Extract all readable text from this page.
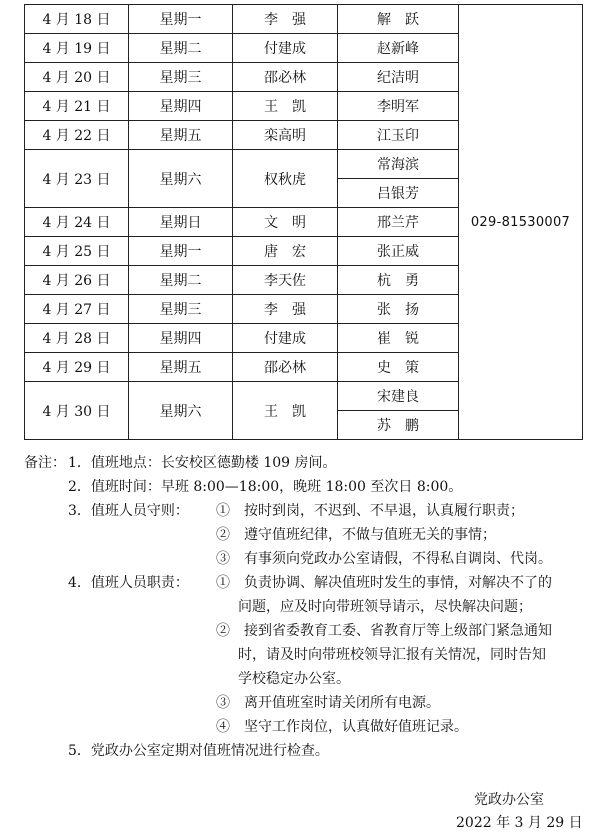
4 月 18 日	星期一	李　强	解　跃	029-81530007
4 月 19 日	星期二	付建成	赵新峰	
4 月 20 日	星期三	邵必林	纪洁明	
4 月 21 日	星期四	王　凯	李明军	
4 月 22 日	星期五	栾高明	江玉印	
4 月 23 日	星期六	权秋虎	常海滨	
			吕银芳	
4 月 24 日	星期日	文　明	邢兰芹	
4 月 25 日	星期一	唐　宏	张正威	
4 月 26 日	星期二	李天佐	杭　勇	
4 月 27 日	星期三	李　强	张　扬	
4 月 28 日	星期四	付建成	崔　锐	
4 月 29 日	星期五	邵必林	史　策	
4 月 30 日	星期六	王　凯	宋建良	
			苏　鹏	
备注： 1．值班地点：长安校区德勤楼 109 房间。
2．值班时间：早班 8:00—18:00，晚班 18:00 至次日 8:00。
3．值班人员守则： ①　按时到岗，不迟到、不早退，认真履行职责；
②　遵守值班纪律，不做与值班无关的事情；
③　有事须向党政办公室请假，不得私自调岗、代岗。
4．值班人员职责： ①　负责协调、解决值班时发生的事情，对解决不了的
问题，应及时向带班领导请示，尽快解决问题；
②　接到省委教育工委、省教育厅等上级部门紧急通知
时，请及时向带班校领导汇报有关情况，同时告知
学校稳定办公室。
③　离开值班室时请关闭所有电源。
④　坚守工作岗位，认真做好值班记录。
5．党政办公室定期对值班情况进行检查。
党政办公室
2022 年 3 月 29 日
